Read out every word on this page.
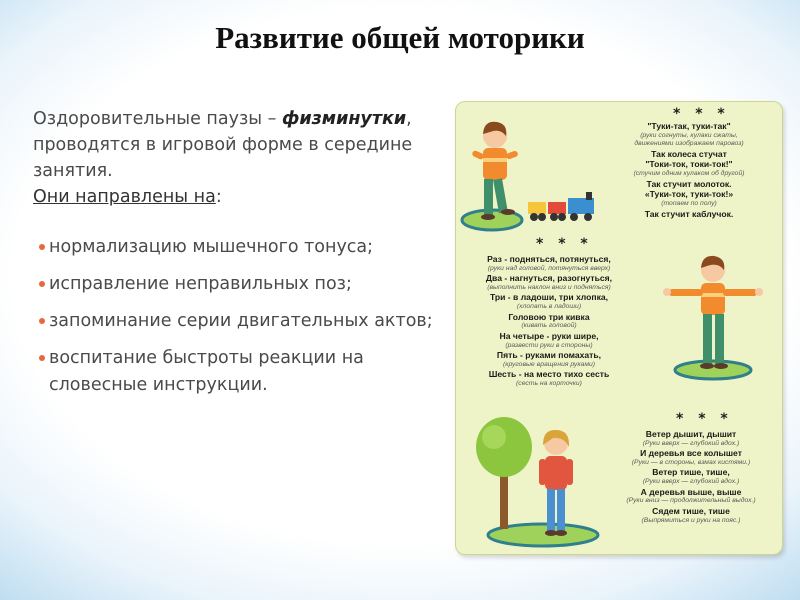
Развитие общей моторики
Оздоровительные паузы – физминутки, проводятся в игровой форме в середине занятия.
Они направлены на:
нормализацию мышечного тонуса;
исправление неправильных поз;
запоминание серии двигательных актов;
воспитание быстроты реакции на словесные инструкции.
* * *
"Туки-так, туки-так"
(руки согнуты, кулаки сжаты,
движениями изображаем паровоз)
Так колеса стучат
"Токи-ток, токи-ток!"
(стучим одним кулаком об другой)
Так стучит молоток.
«Туки-ток, туки-ток!»
(топаем по полу)
Так стучит каблучок.
* * *
Раз - подняться, потянуться,
(руки над головой, потянуться вверх)
Два - нагнуться, разогнуться,
(выполнить наклон вниз и подняться)
Три - в ладоши, три хлопка,
(хлопать в ладоши)
Головою три кивка
(кивать головой)
На четыре - руки шире,
(развести руки в стороны)
Пять - руками помахать,
(круговые вращения руками)
Шесть - на место тихо сесть
(сесть на корточки)
* * *
Ветер дышит, дышит
(Руки вверх — глубокий вдох.)
И деревья все колышет
(Руки — в стороны, взмах кистями.)
Ветер тише, тише,
(Руки вверх — глубокий вдох.)
А деревья выше, выше
(Руки вниз — продолжительный выдох.)
Сядем тише, тише
(Выпрямиться и руки на пояс.)
